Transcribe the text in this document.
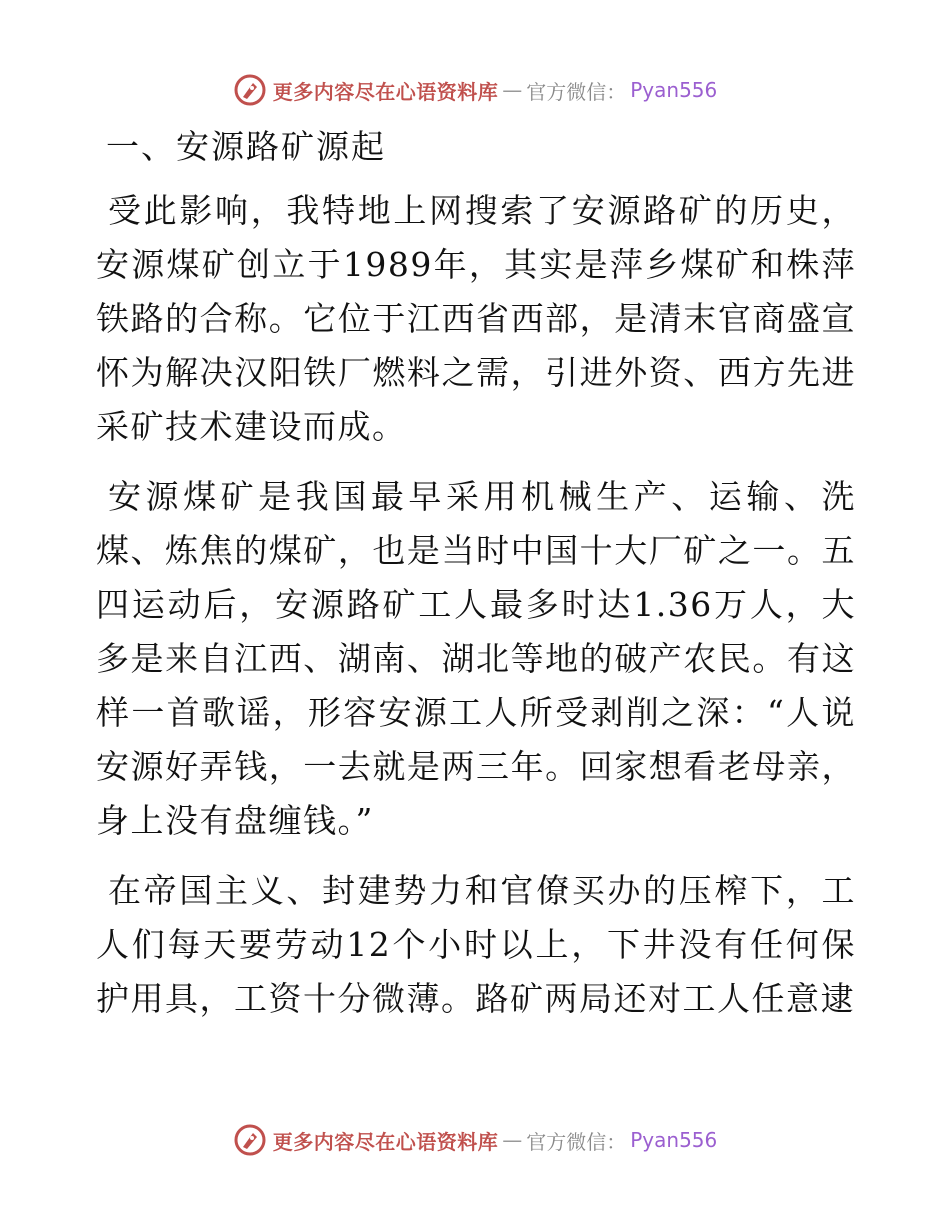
更多内容尽在心语资料库 — 官方微信： Pyan556
一、安源路矿源起

受此影响，我特地上网搜索了安源路矿的历史，安源煤矿创立于1989年，其实是萍乡煤矿和株萍铁路的合称。它位于江西省西部，是清末官商盛宣怀为解决汉阳铁厂燃料之需，引进外资、西方先进采矿技术建设而成。

安源煤矿是我国最早采用机械生产、运输、洗煤、炼焦的煤矿，也是当时中国十大厂矿之一。五四运动后，安源路矿工人最多时达1.36万人，大多是来自江西、湖南、湖北等地的破产农民。有这样一首歌谣，形容安源工人所受剥削之深：“人说安源好弄钱，一去就是两三年。回家想看老母亲，身上没有盘缠钱。”

在帝国主义、封建势力和官僚买办的压榨下，工人们每天要劳动12个小时以上，下井没有任何保护用具，工资十分微薄。路矿两局还对工人任意逮

更多内容尽在心语资料库 — 官方微信： Pyan556
